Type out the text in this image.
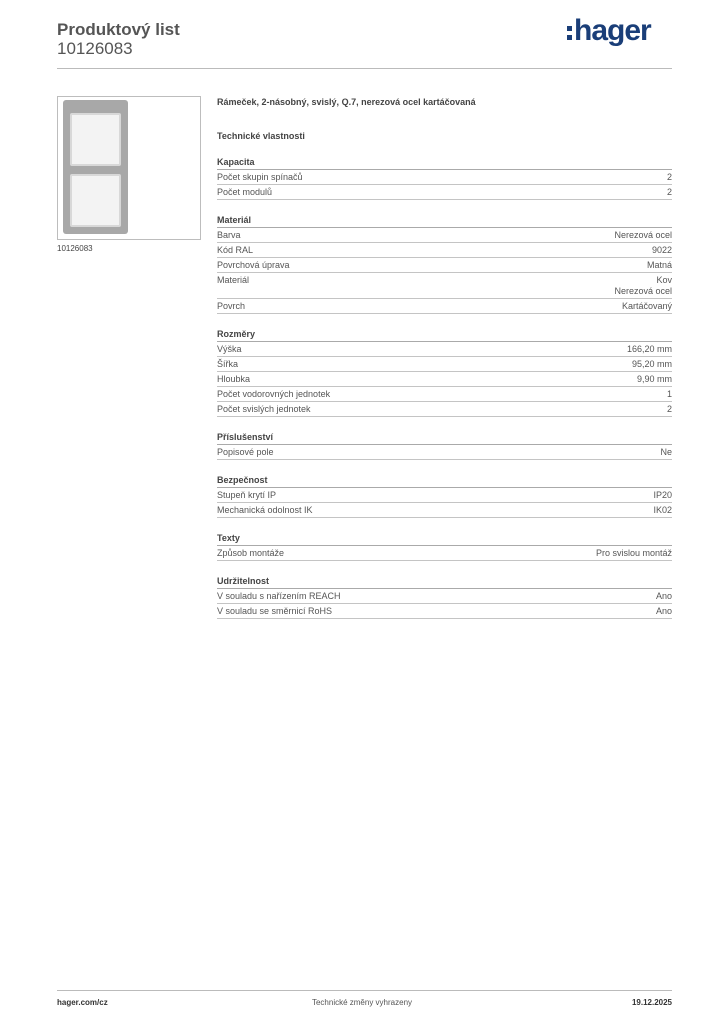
Produktový list
10126083
hager
10126083
Rámeček, 2-násobný, svislý, Q.7, nerezová ocel kartáčovaná
Technické vlastnosti
Kapacita
Počet skupin spínačů	2
Počet modulů	2
Materiál
Barva	Nerezová ocel
Kód RAL	9022
Povrchová úprava	Matná
Materiál	Kov
Nerezová ocel
Povrch	Kartáčovaný
Rozměry
Výška	166,20 mm
Šířka	95,20 mm
Hloubka	9,90 mm
Počet vodorovných jednotek	1
Počet svislých jednotek	2
Příslušenství
Popisové pole	Ne
Bezpečnost
Stupeň krytí IP	IP20
Mechanická odolnost IK	IK02
Texty
Způsob montáže	Pro svislou montáž
Udržitelnost
V souladu s nařízením REACH	Ano
V souladu se směrnicí RoHS	Ano
hager.com/cz	Technické změny vyhrazeny	19.12.2025
